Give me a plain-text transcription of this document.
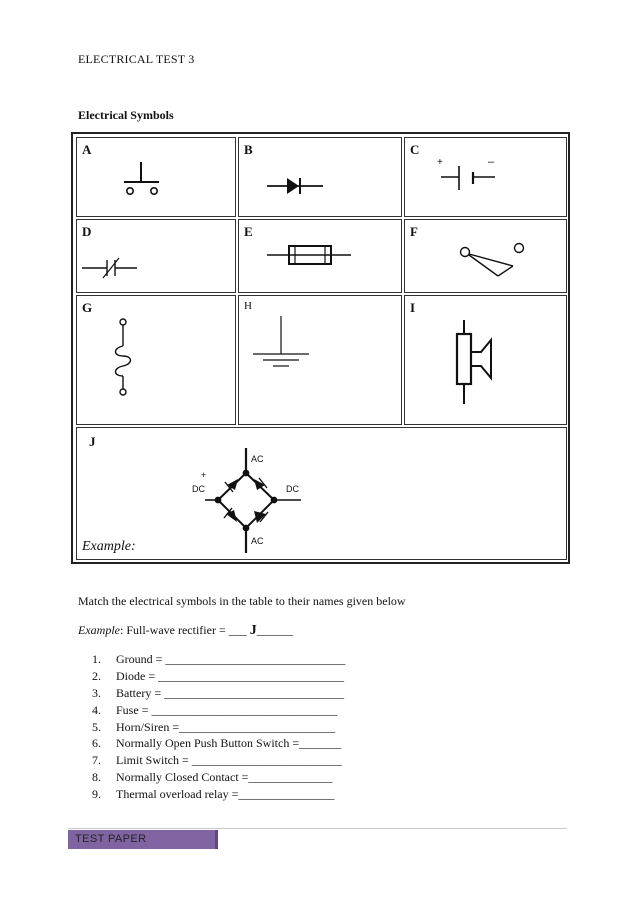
ELECTRICAL TEST 3
Electrical Symbols
A	B	C
+	–
D	E	F
G	H	I
J
AC
AC
DC	DC
+
Example:
Match the electrical symbols in the table to their names given below
Example: Full-wave rectifier = ___ J______
1. Ground = ______________________________
2. Diode = _______________________________
3. Battery = ______________________________
4. Fuse = _______________________________
5. Horn/Siren =__________________________
6. Normally Open Push Button Switch =_______
7. Limit Switch = _________________________
8. Normally Closed Contact =______________
9. Thermal overload relay =________________
TEST PAPER
